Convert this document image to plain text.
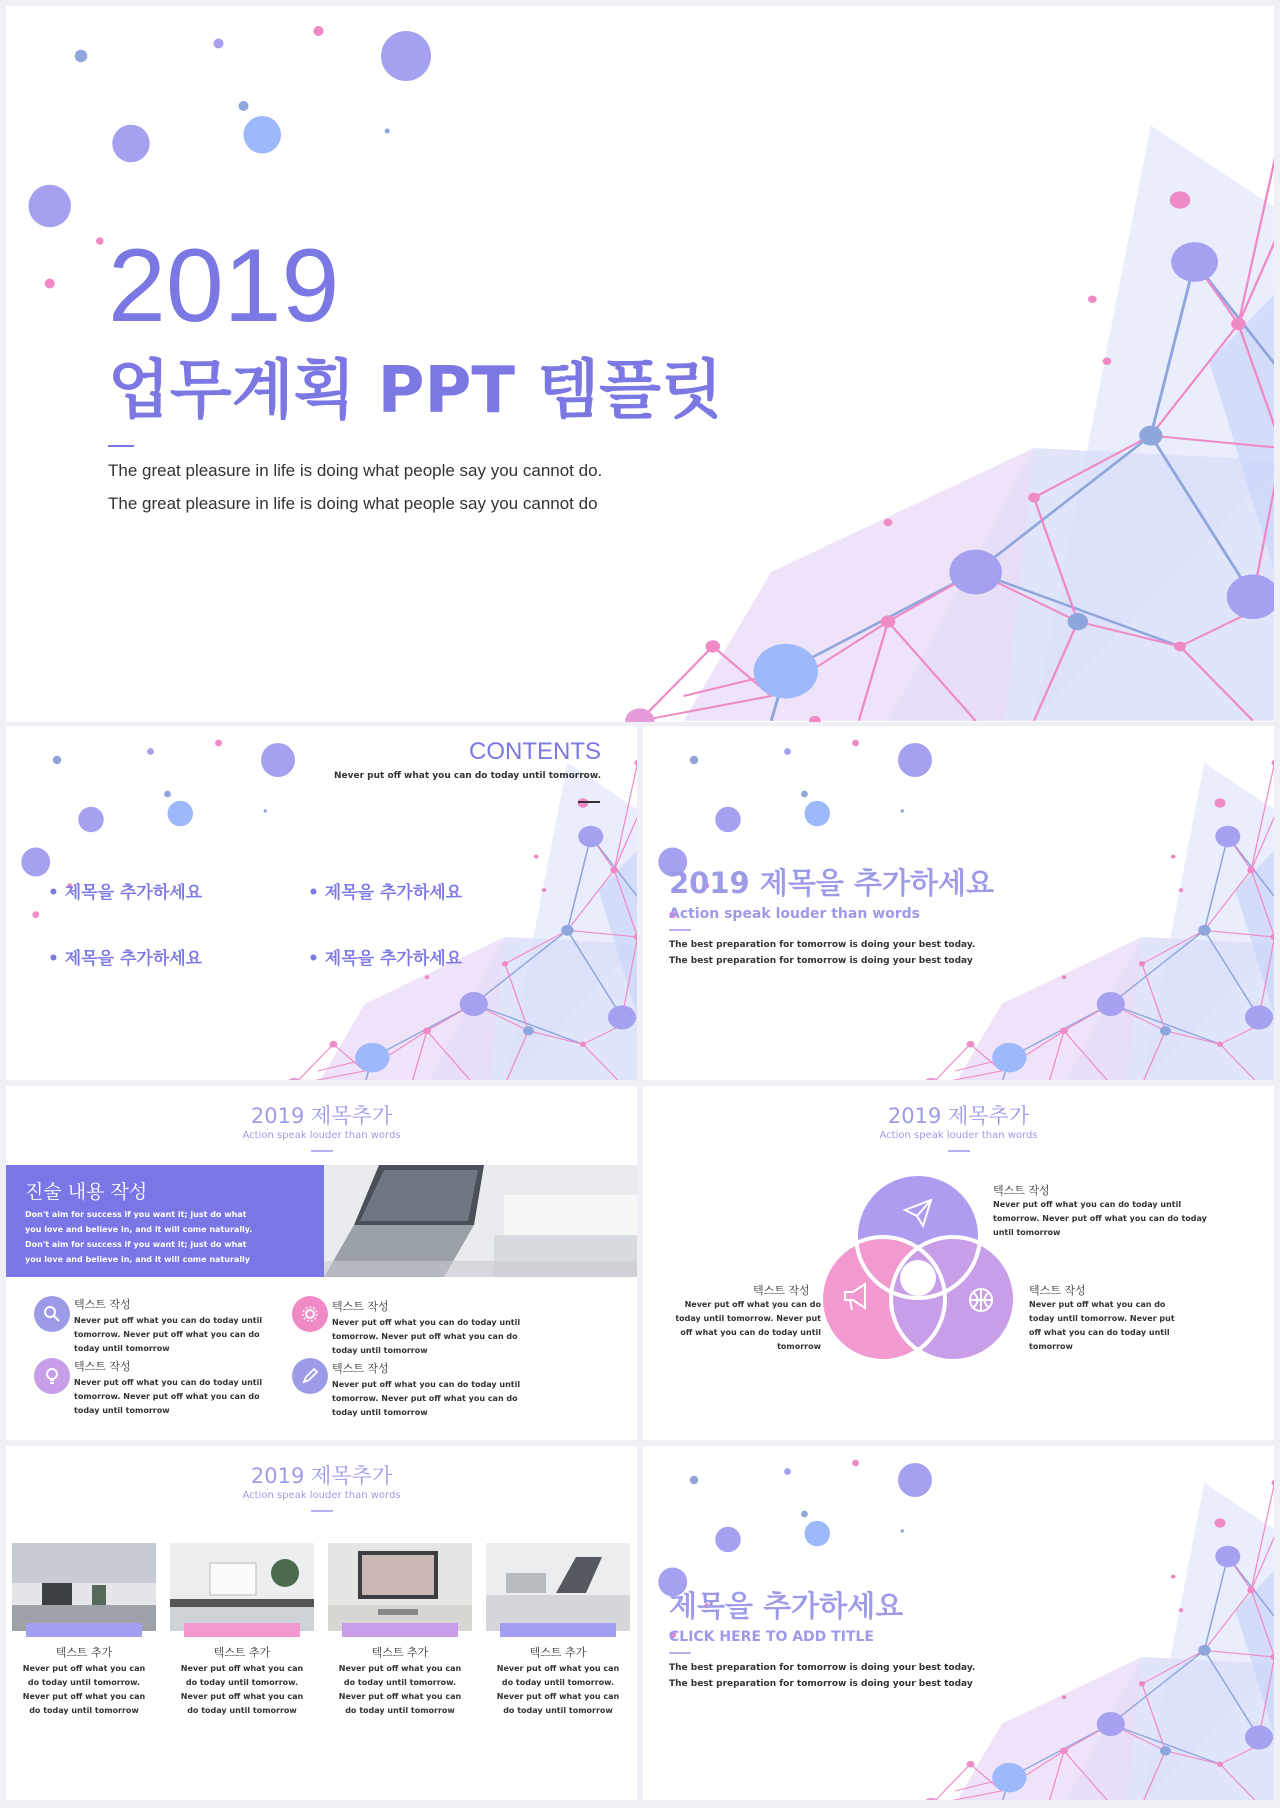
2019
업무계획 PPT 템플릿
The great pleasure in life is doing what people say you cannot do.
The great pleasure in life is doing what people say you cannot do
CONTENTS
Never put off what you can do today until tomorrow.
• 제목을 추가하세요	• 제목을 추가하세요
• 제목을 추가하세요	• 제목을 추가하세요
2019 제목을 추가하세요
Action speak louder than words
The best preparation for tomorrow is doing your best today.
The best preparation for tomorrow is doing your best today
2019 제목추가
Action speak louder than words
진술 내용 작성
Don't aim for success if you want it; just do what you love and believe in, and it will come naturally. Don't aim for success if you want it; just do what you love and believe in, and it will come naturally
텍스트 작성
Never put off what you can do today until tomorrow. Never put off what you can do today until tomorrow
텍스트 작성
Never put off what you can do today until tomorrow. Never put off what you can do today until tomorrow
텍스트 작성
Never put off what you can do today until tomorrow. Never put off what you can do today until tomorrow
텍스트 작성
Never put off what you can do today until tomorrow. Never put off what you can do today until tomorrow
2019 제목추가
Action speak louder than words
텍스트 작성
Never put off what you can do today until tomorrow. Never put off what you can do today until tomorrow
텍스트 작성
Never put off what you can do today until tomorrow. Never put off what you can do today until tomorrow
텍스트 작성
Never put off what you can do today until tomorrow. Never put off what you can do today until tomorrow
2019 제목추가
Action speak louder than words
텍스트 추가
Never put off what you can do today until tomorrow. Never put off what you can do today until tomorrow
텍스트 추가
Never put off what you can do today until tomorrow. Never put off what you can do today until tomorrow
텍스트 추가
Never put off what you can do today until tomorrow. Never put off what you can do today until tomorrow
텍스트 추가
Never put off what you can do today until tomorrow. Never put off what you can do today until tomorrow
제목을 추가하세요
CLICK HERE TO ADD TITLE
The best preparation for tomorrow is doing your best today.
The best preparation for tomorrow is doing your best today
